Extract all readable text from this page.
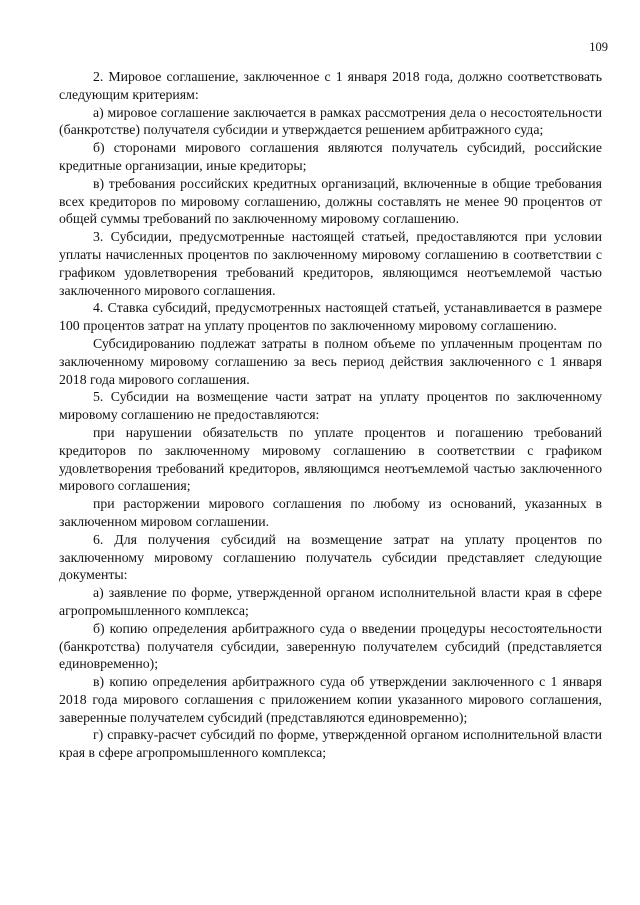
109

2. Мировое соглашение, заключенное с 1 января 2018 года, должно соответствовать следующим критериям:

а) мировое соглашение заключается в рамках рассмотрения дела о несостоятельности (банкротстве) получателя субсидии и утверждается решением арбитражного суда;

б) сторонами мирового соглашения являются получатель субсидий, российские кредитные организации, иные кредиторы;

в) требования российских кредитных организаций, включенные в общие требования всех кредиторов по мировому соглашению, должны составлять не менее 90 процентов от общей суммы требований по заключенному мировому соглашению.

3. Субсидии, предусмотренные настоящей статьей, предоставляются при условии уплаты начисленных процентов по заключенному мировому соглашению в соответствии с графиком удовлетворения требований кредиторов, являющимся неотъемлемой частью заключенного мирового соглашения.

4. Ставка субсидий, предусмотренных настоящей статьей, устанавливается в размере 100 процентов затрат на уплату процентов по заключенному мировому соглашению.

Субсидированию подлежат затраты в полном объеме по уплаченным процентам по заключенному мировому соглашению за весь период действия заключенного с 1 января 2018 года мирового соглашения.

5. Субсидии на возмещение части затрат на уплату процентов по заключенному мировому соглашению не предоставляются:

при нарушении обязательств по уплате процентов и погашению требований кредиторов по заключенному мировому соглашению в соответствии с графиком удовлетворения требований кредиторов, являющимся неотъемлемой частью заключенного мирового соглашения;

при расторжении мирового соглашения по любому из оснований, указанных в заключенном мировом соглашении.

6. Для получения субсидий на возмещение затрат на уплату процентов по заключенному мировому соглашению получатель субсидии представляет следующие документы:

а) заявление по форме, утвержденной органом исполнительной власти края в сфере агропромышленного комплекса;

б) копию определения арбитражного суда о введении процедуры несостоятельности (банкротства) получателя субсидии, заверенную получателем субсидий (представляется единовременно);

в) копию определения арбитражного суда об утверждении заключенного с 1 января 2018 года мирового соглашения с приложением копии указанного мирового соглашения, заверенные получателем субсидий (представляются единовременно);

г) справку-расчет субсидий по форме, утвержденной органом исполнительной власти края в сфере агропромышленного комплекса;
